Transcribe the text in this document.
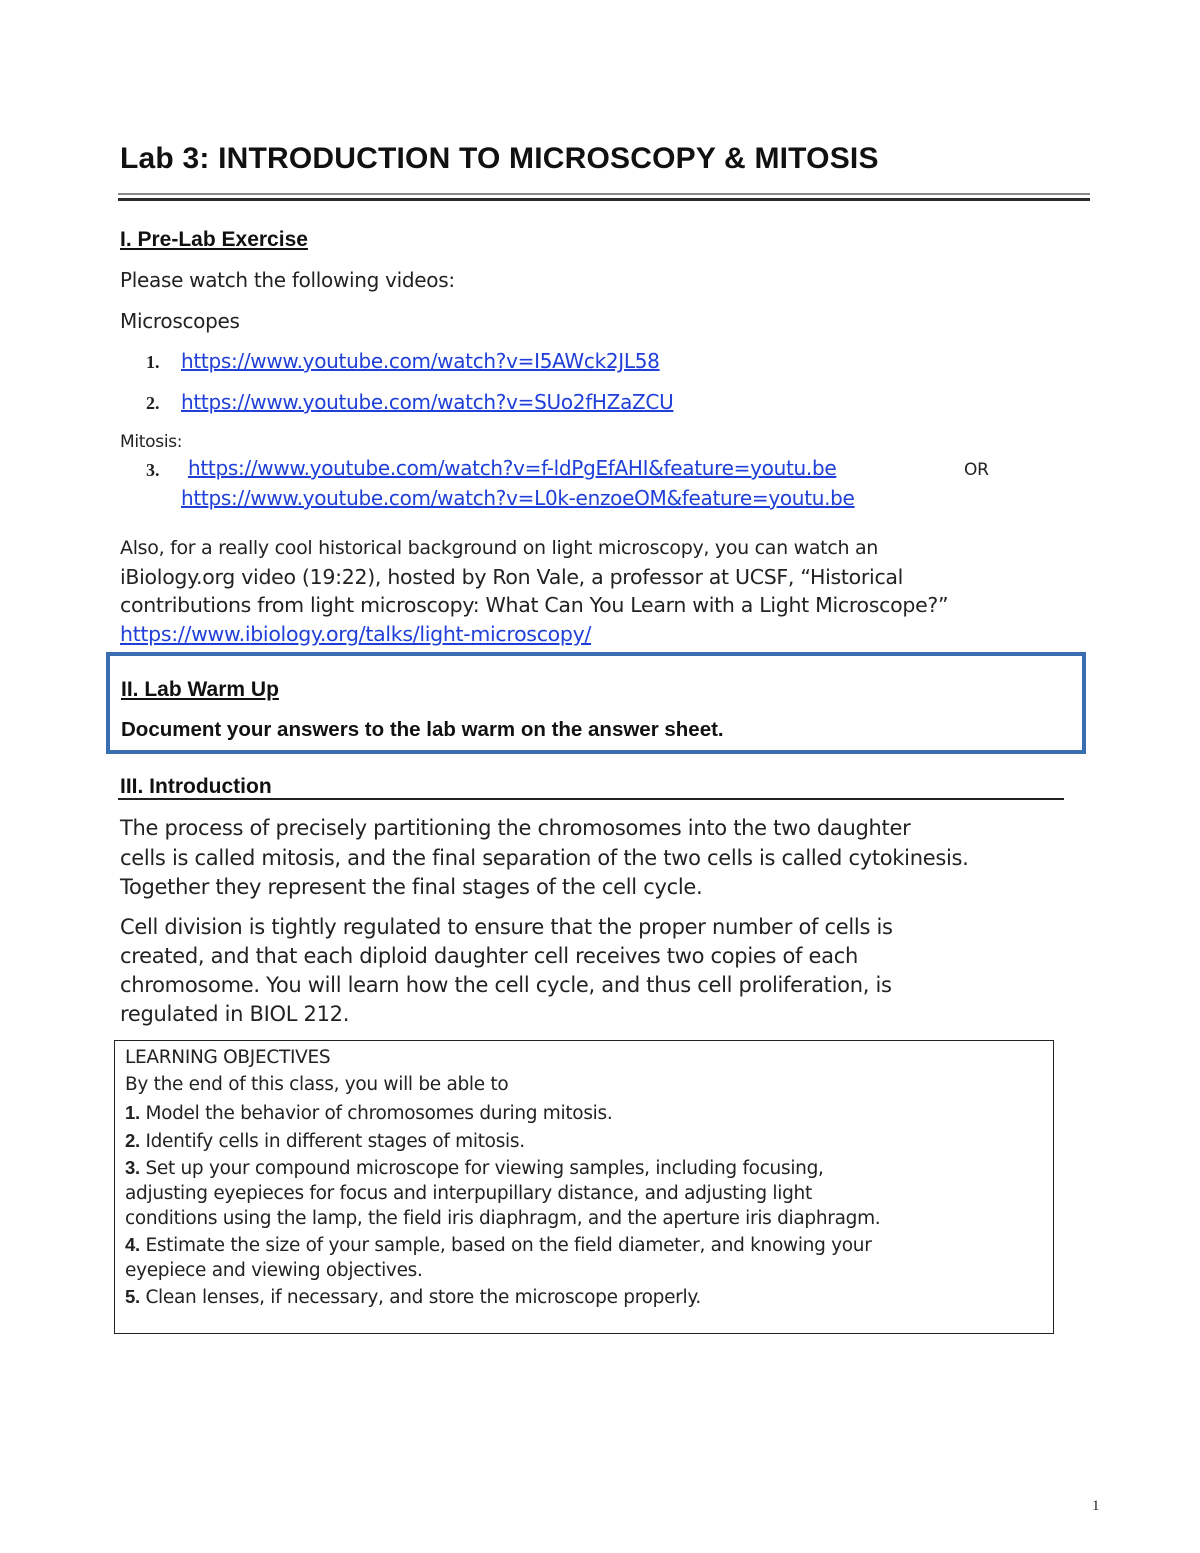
Lab 3: INTRODUCTION TO MICROSCOPY & MITOSIS
I. Pre-Lab Exercise
Please watch the following videos:
Microscopes
1. https://www.youtube.com/watch?v=I5AWck2JL58
2. https://www.youtube.com/watch?v=SUo2fHZaZCU
Mitosis:
3. https://www.youtube.com/watch?v=f-ldPgEfAHI&feature=youtu.be	OR
https://www.youtube.com/watch?v=L0k-enzoeOM&feature=youtu.be
Also, for a really cool historical background on light microscopy, you can watch an
iBiology.org video (19:22), hosted by Ron Vale, a professor at UCSF, “Historical
contributions from light microscopy: What Can You Learn with a Light Microscope?”
https://www.ibiology.org/talks/light-microscopy/
II. Lab Warm Up
Document your answers to the lab warm on the answer sheet.
III. Introduction
The process of precisely partitioning the chromosomes into the two daughter
cells is called mitosis, and the final separation of the two cells is called cytokinesis.
Together they represent the final stages of the cell cycle.
Cell division is tightly regulated to ensure that the proper number of cells is
created, and that each diploid daughter cell receives two copies of each
chromosome. You will learn how the cell cycle, and thus cell proliferation, is
regulated in BIOL 212.
LEARNING OBJECTIVES
By the end of this class, you will be able to
1. Model the behavior of chromosomes during mitosis.
2. Identify cells in different stages of mitosis.
3. Set up your compound microscope for viewing samples, including focusing,
adjusting eyepieces for focus and interpupillary distance, and adjusting light
conditions using the lamp, the field iris diaphragm, and the aperture iris diaphragm.
4. Estimate the size of your sample, based on the field diameter, and knowing your
eyepiece and viewing objectives.
5. Clean lenses, if necessary, and store the microscope properly.
1
